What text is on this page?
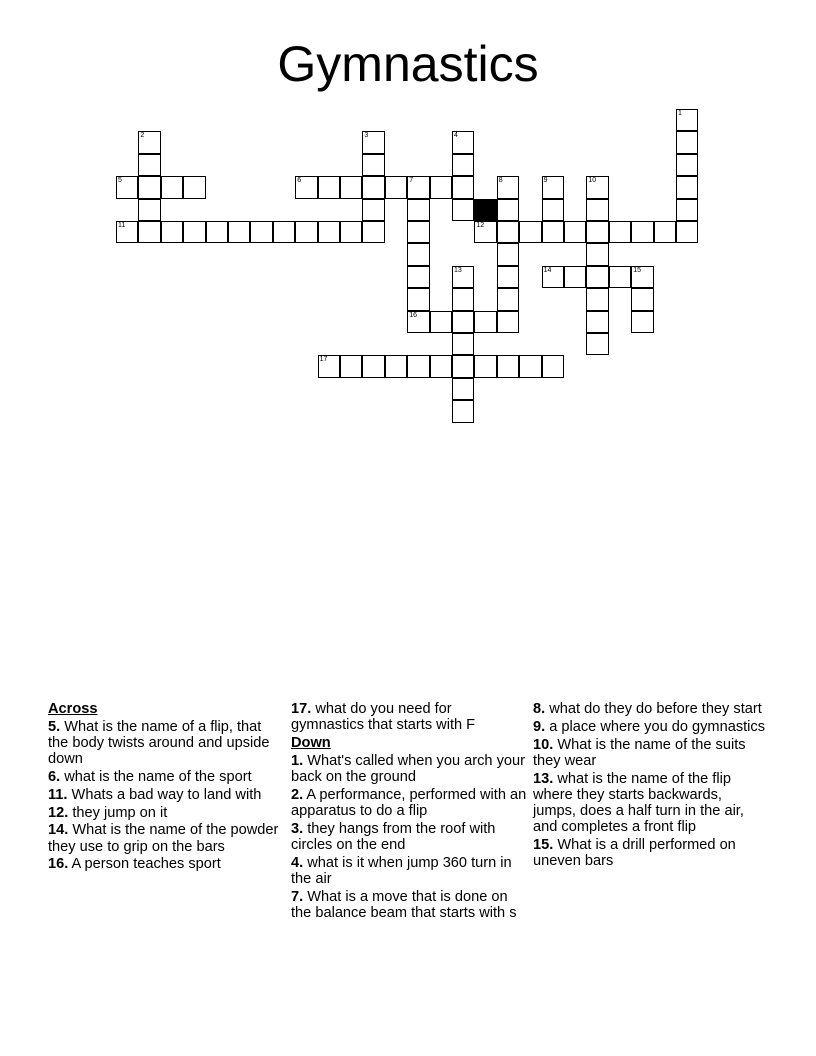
Gymnastics
1
2	3	4
5	6	7	8	9	10
11	12
13	14	15
16
17
Across
5. What is the name of a flip, that the body twists around and upside down
6. what is the name of the sport
11. Whats a bad way to land with
12. they jump on it
14. What is the name of the powder they use to grip on the bars
16. A person teaches sport
17. what do you need for gymnastics that starts with F
Down
1. What's called when you arch your back on the ground
2. A performance, performed with an apparatus to do a flip
3. they hangs from the roof with circles on the end
4. what is it when jump 360 turn in the air
7. What is a move that is done on the balance beam that starts with s
8. what do they do before they start
9. a place where you do gymnastics
10. What is the name of the suits they wear
13. what is the name of the flip where they starts backwards, jumps, does a half turn in the air, and completes a front flip
15. What is a drill performed on uneven bars
